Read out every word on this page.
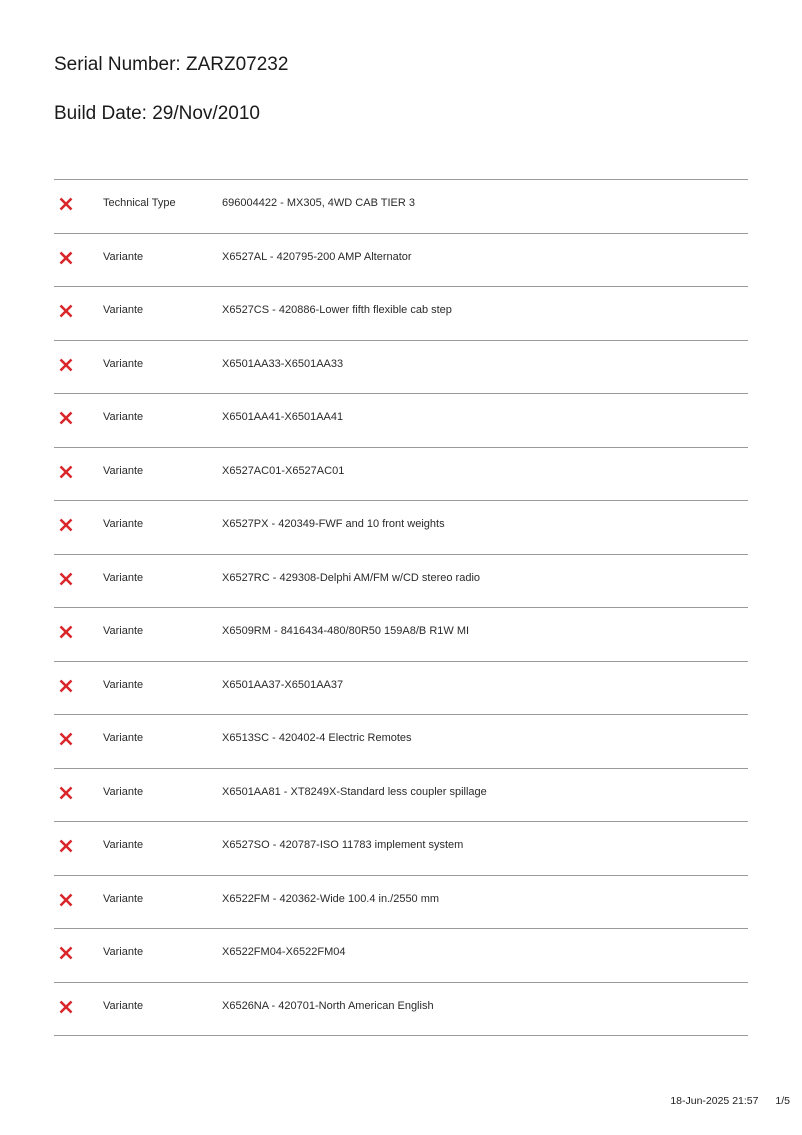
Serial Number: ZARZ07232
Build Date: 29/Nov/2010
Technical Type	696004422 - MX305, 4WD CAB TIER 3
Variante	X6527AL - 420795-200 AMP Alternator
Variante	X6527CS - 420886-Lower fifth flexible cab step
Variante	X6501AA33-X6501AA33
Variante	X6501AA41-X6501AA41
Variante	X6527AC01-X6527AC01
Variante	X6527PX - 420349-FWF and 10 front weights
Variante	X6527RC - 429308-Delphi AM/FM w/CD stereo radio
Variante	X6509RM - 8416434-480/80R50 159A8/B R1W MI
Variante	X6501AA37-X6501AA37
Variante	X6513SC - 420402-4 Electric Remotes
Variante	X6501AA81 - XT8249X-Standard less coupler spillage
Variante	X6527SO - 420787-ISO 11783 implement system
Variante	X6522FM - 420362-Wide 100.4 in./2550 mm
Variante	X6522FM04-X6522FM04
Variante	X6526NA - 420701-North American English
18-Jun-2025 21:57 1/5
